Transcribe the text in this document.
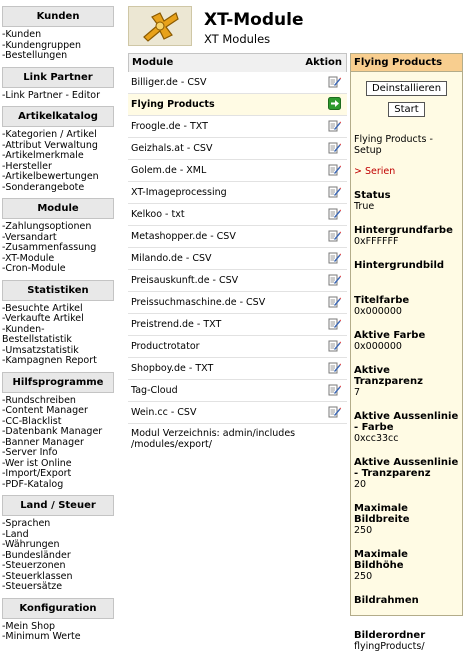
Kunden
-Kunden
-Kundengruppen
-Bestellungen
Link Partner
-Link Partner - Editor
Artikelkatalog
-Kategorien / Artikel
-Attribut Verwaltung
-Artikelmerkmale
-Hersteller
-Artikelbewertungen
-Sonderangebote
Module
-Zahlungsoptionen
-Versandart
-Zusammenfassung
-XT-Module
-Cron-Module
Statistiken
-Besuchte Artikel
-Verkaufte Artikel
-Kunden-
Bestellstatistik
-Umsatzstatistik
-Kampagnen Report
Hilfsprogramme
-Rundschreiben
-Content Manager
-CC-Blacklist
-Datenbank Manager
-Banner Manager
-Server Info
-Wer ist Online
-Import/Export
-PDF-Katalog
Land / Steuer
-Sprachen
-Land
-Währungen
-Bundesländer
-Steuerzonen
-Steuerklassen
-Steuersätze
Konfiguration
-Mein Shop
-Minimum Werte
XT-Module
XT Modules
Module	Aktion
Billiger.de - CSV
Flying Products
Froogle.de - TXT
Geizhals.at - CSV
Golem.de - XML
XT-Imageprocessing
Kelkoo - txt
Metashopper.de - CSV
Milando.de - CSV
Preisauskunft.de - CSV
Preissuchmaschine.de - CSV
Preistrend.de - TXT
Productrotator
Shopboy.de - TXT
Tag-Cloud
Wein.cc - CSV
Modul Verzeichnis: admin/includes /modules/export/
Flying Products
Deinstallieren
Start
Flying Products - Setup
> Serien
Status
True
Hintergrundfarbe
0xFFFFFF
Hintergrundbild
Titelfarbe
0x000000
Aktive Farbe
0x000000
Aktive Tranzparenz
7
Aktive Aussenlinie - Farbe
0xcc33cc
Aktive Aussenlinie - Tranzparenz
20
Maximale Bildbreite
250
Maximale Bildhöhe
250
Bildrahmen
Bilderordner
flyingProducts/
